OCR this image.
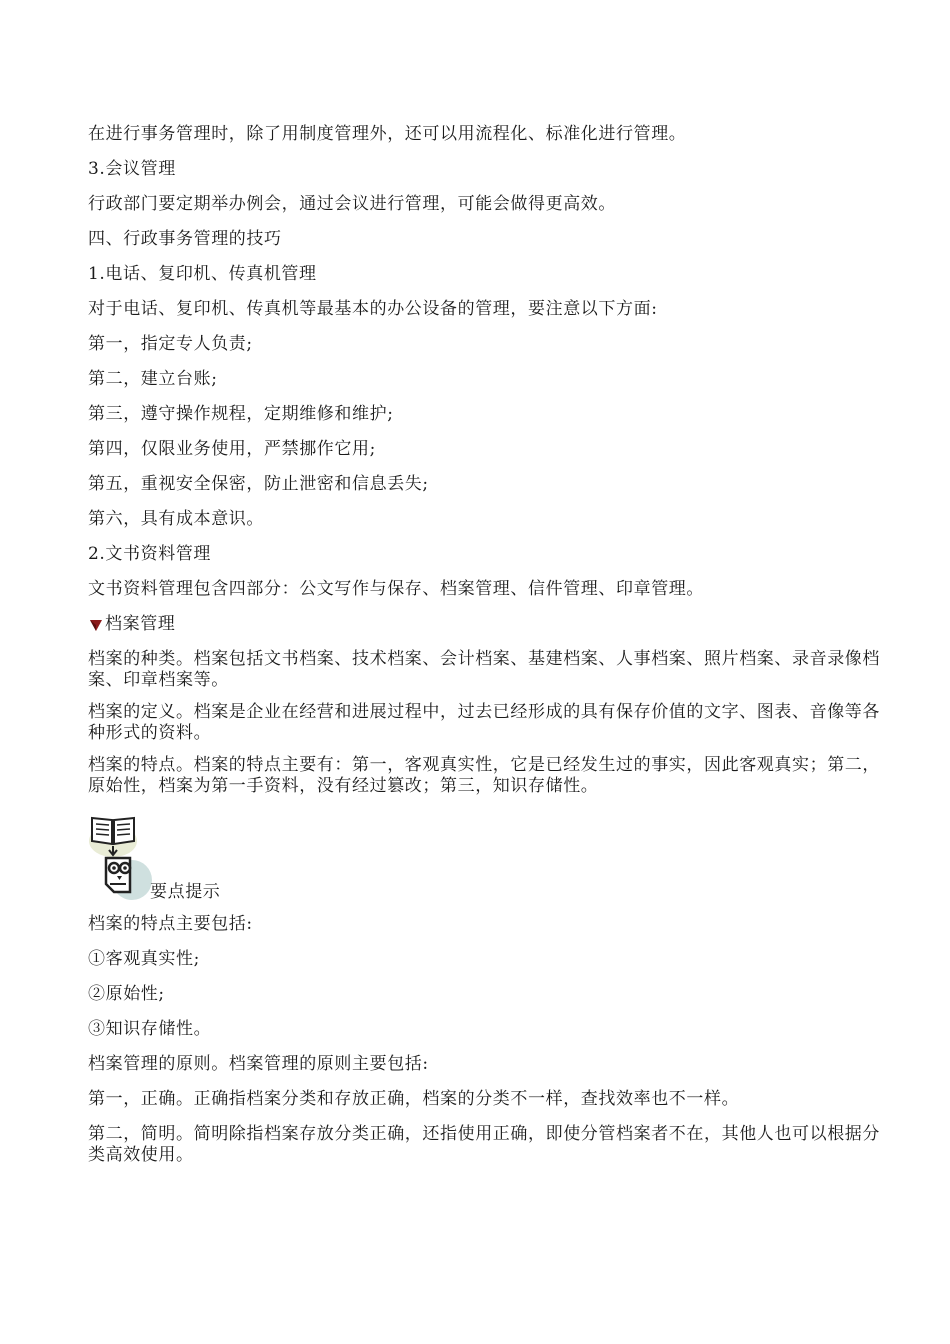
在进行事务管理时，除了用制度管理外，还可以用流程化、标准化进行管理。

3.会议管理

行政部门要定期举办例会，通过会议进行管理，可能会做得更高效。

四、行政事务管理的技巧

1.电话、复印机、传真机管理

对于电话、复印机、传真机等最基本的办公设备的管理，要注意以下方面:

第一，指定专人负责;

第二，建立台账;

第三，遵守操作规程，定期维修和维护;

第四，仅限业务使用，严禁挪作它用;

第五，重视安全保密，防止泄密和信息丢失;

第六，具有成本意识。

2.文书资料管理

文书资料管理包含四部分：公文写作与保存、档案管理、信件管理、印章管理。

档案管理

档案的种类。档案包括文书档案、技术档案、会计档案、基建档案、人事档案、照片档案、录音录像档案、印章档案等。

档案的定义。档案是企业在经营和进展过程中，过去已经形成的具有保存价值的文字、图表、音像等各种形式的资料。

档案的特点。档案的特点主要有：第一，客观真实性，它是已经发生过的事实，因此客观真实；第二，原始性，档案为第一手资料，没有经过篡改；第三，知识存储性。

要点提示

档案的特点主要包括:

①客观真实性;

②原始性;

③知识存储性。

档案管理的原则。档案管理的原则主要包括:

第一，正确。正确指档案分类和存放正确，档案的分类不一样，查找效率也不一样。

第二，简明。简明除指档案存放分类正确，还指使用正确，即使分管档案者不在，其他人也可以根据分类高效使用。
